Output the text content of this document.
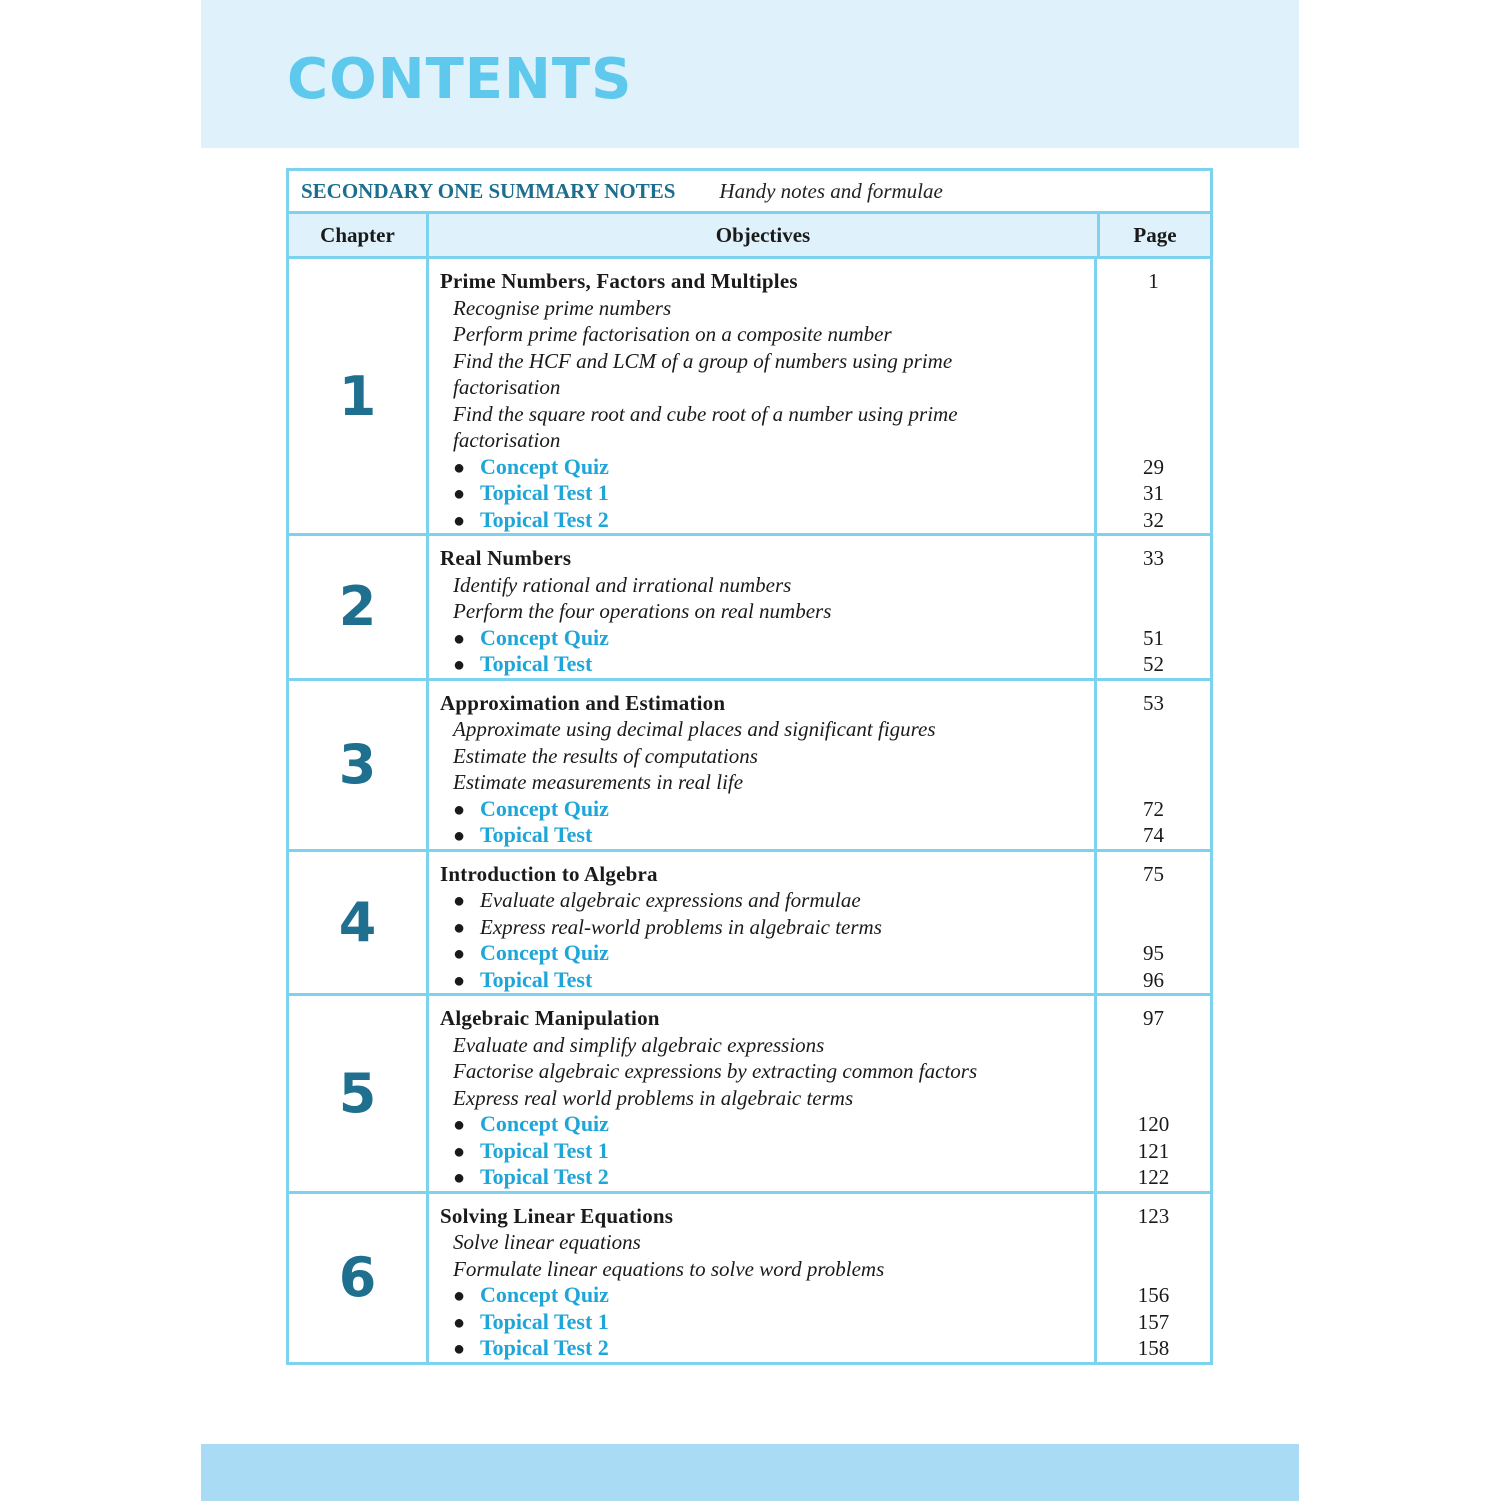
CONTENTS
SECONDARY ONE SUMMARY NOTES Handy notes and formulae
Chapter	Objectives	Page
1
Prime Numbers, Factors and Multiples
Recognise prime numbers
Perform prime factorisation on a composite number
Find the HCF and LCM of a group of numbers using prime
factorisation
Find the square root and cube root of a number using prime
factorisation
● Concept Quiz
● Topical Test 1
● Topical Test 2
1
29
31
32
2
Real Numbers
Identify rational and irrational numbers
Perform the four operations on real numbers
● Concept Quiz
● Topical Test
33
51
52
3
Approximation and Estimation
Approximate using decimal places and significant figures
Estimate the results of computations
Estimate measurements in real life
● Concept Quiz
● Topical Test
53
72
74
4
Introduction to Algebra
● Evaluate algebraic expressions and formulae
● Express real-world problems in algebraic terms
● Concept Quiz
● Topical Test
75
95
96
5
Algebraic Manipulation
Evaluate and simplify algebraic expressions
Factorise algebraic expressions by extracting common factors
Express real world problems in algebraic terms
● Concept Quiz
● Topical Test 1
● Topical Test 2
97
120
121
122
6
Solving Linear Equations
Solve linear equations
Formulate linear equations to solve word problems
● Concept Quiz
● Topical Test 1
● Topical Test 2
123
156
157
158
